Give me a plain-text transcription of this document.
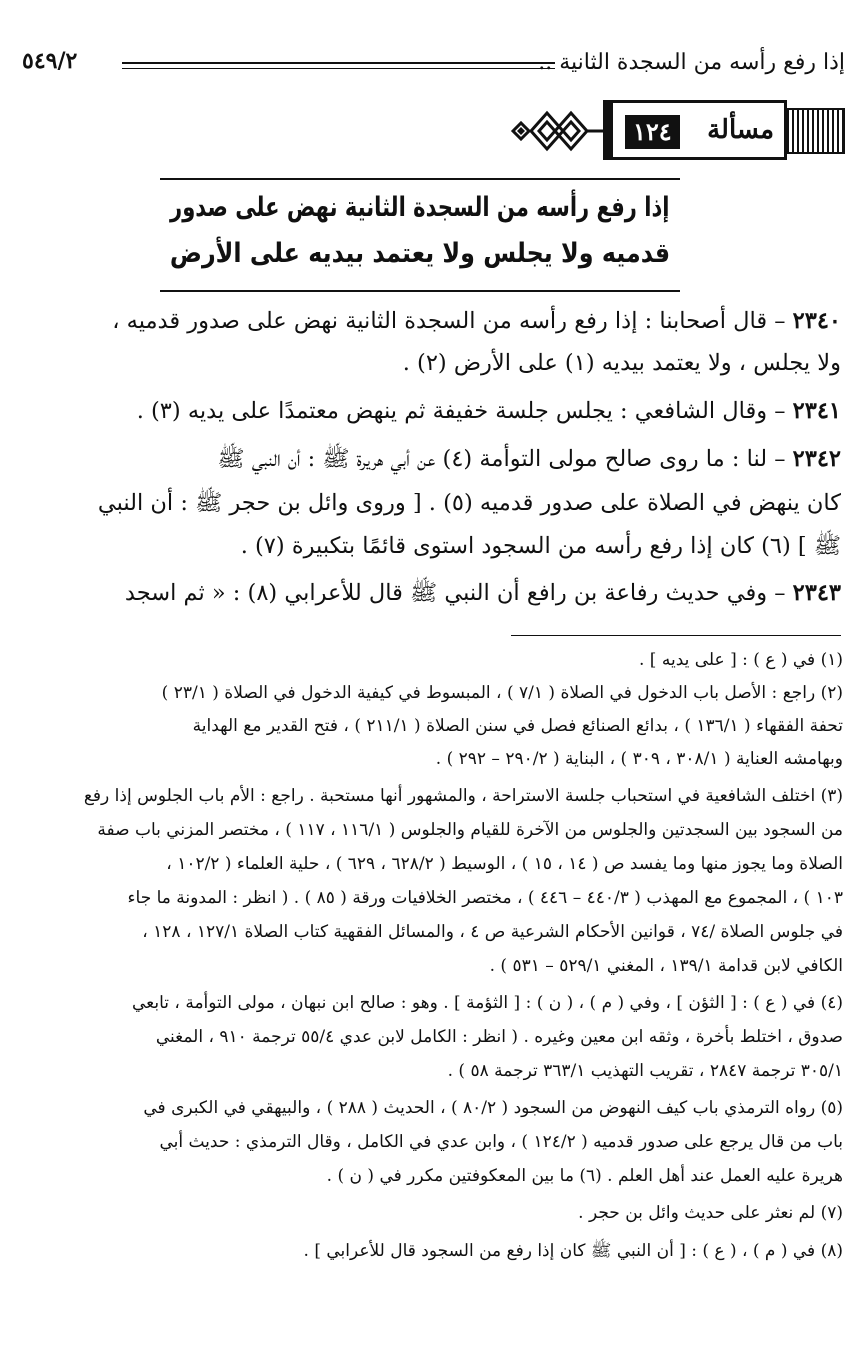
إذا رفع رأسه من السجدة الثانية ..
٥٤٩/٢
مسألة
١٢٤
إذا رفع رأسه من السجدة الثانية نهض على صدور
قدميه ولا يجلس ولا يعتمد بيديه على الأرض
٢٣٤٠ – قال أصحابنا : إذا رفع رأسه من السجدة الثانية نهض على صدور قدميه ،
ولا يجلس ، ولا يعتمد بيديه (١) على الأرض (٢) .
٢٣٤١ – وقال الشافعي : يجلس جلسة خفيفة ثم ينهض معتمدًا على يديه (٣) .
٢٣٤٢ – لنا : ما روى صالح مولى التوأمة (٤) عن أبي هريرة ﷺ : أن النبي ﷺ
كان ينهض في الصلاة على صدور قدميه (٥) . [ وروى وائل بن حجر ﷺ : أن النبي
ﷺ ] (٦) كان إذا رفع رأسه من السجود استوى قائمًا بتكبيرة (٧) .
٢٣٤٣ – وفي حديث رفاعة بن رافع أن النبي ﷺ قال للأعرابي (٨) : « ثم اسجد
(١) في ( ع ) : [ على يديه ] .
(٢) راجع : الأصل باب الدخول في الصلاة ( ٧/١ ) ، المبسوط في كيفية الدخول في الصلاة ( ٢٣/١ )
تحفة الفقهاء ( ١٣٦/١ ) ، بدائع الصنائع فصل في سنن الصلاة ( ٢١١/١ ) ، فتح القدير مع الهداية
وبهامشه العناية ( ٣٠٨/١ ، ٣٠٩ ) ، البناية ( ٢٩٠/٢ – ٢٩٢ ) .
(٣) اختلف الشافعية في استحباب جلسة الاستراحة ، والمشهور أنها مستحبة . راجع : الأم باب الجلوس إذا رفع
من السجود بين السجدتين والجلوس من الآخرة للقيام والجلوس ( ١١٦/١ ، ١١٧ ) ، مختصر المزني باب صفة
الصلاة وما يجوز منها وما يفسد ص ( ١٤ ، ١٥ ) ، الوسيط ( ٦٢٨/٢ ، ٦٢٩ ) ، حلية العلماء ( ١٠٢/٢ ،
١٠٣ ) ، المجموع مع المهذب ( ٤٤٠/٣ – ٤٤٦ ) ، مختصر الخلافيات ورقة ( ٨٥ ) . ( انظر : المدونة ما جاء
في جلوس الصلاة /٧٤ ، قوانين الأحكام الشرعية ص ٤ ، والمسائل الفقهية كتاب الصلاة ١٢٧/١ ، ١٢٨ ،
الكافي لابن قدامة ١٣٩/١ ، المغني ٥٢٩/١ – ٥٣١ ) .
(٤) في ( ع ) : [ الثؤن ] ، وفي ( م ) ، ( ن ) : [ الثؤمة ] . وهو : صالح ابن نبهان ، مولى التوأمة ، تابعي
صدوق ، اختلط بأخرة ، وثقه ابن معين وغيره . ( انظر : الكامل لابن عدي ٥٥/٤ ترجمة ٩١٠ ، المغني
٣٠٥/١ ترجمة ٢٨٤٧ ، تقريب التهذيب ٣٦٣/١ ترجمة ٥٨ ) .
(٥) رواه الترمذي باب كيف النهوض من السجود ( ٨٠/٢ ) ، الحديث ( ٢٨٨ ) ، والبيهقي في الكبرى في
باب من قال يرجع على صدور قدميه ( ١٢٤/٢ ) ، وابن عدي في الكامل ، وقال الترمذي : حديث أبي
هريرة عليه العمل عند أهل العلم . (٦) ما بين المعكوفتين مكرر في ( ن ) .
(٧) لم نعثر على حديث وائل بن حجر .
(٨) في ( م ) ، ( ع ) : [ أن النبي ﷺ كان إذا رفع من السجود قال للأعرابي ] .
